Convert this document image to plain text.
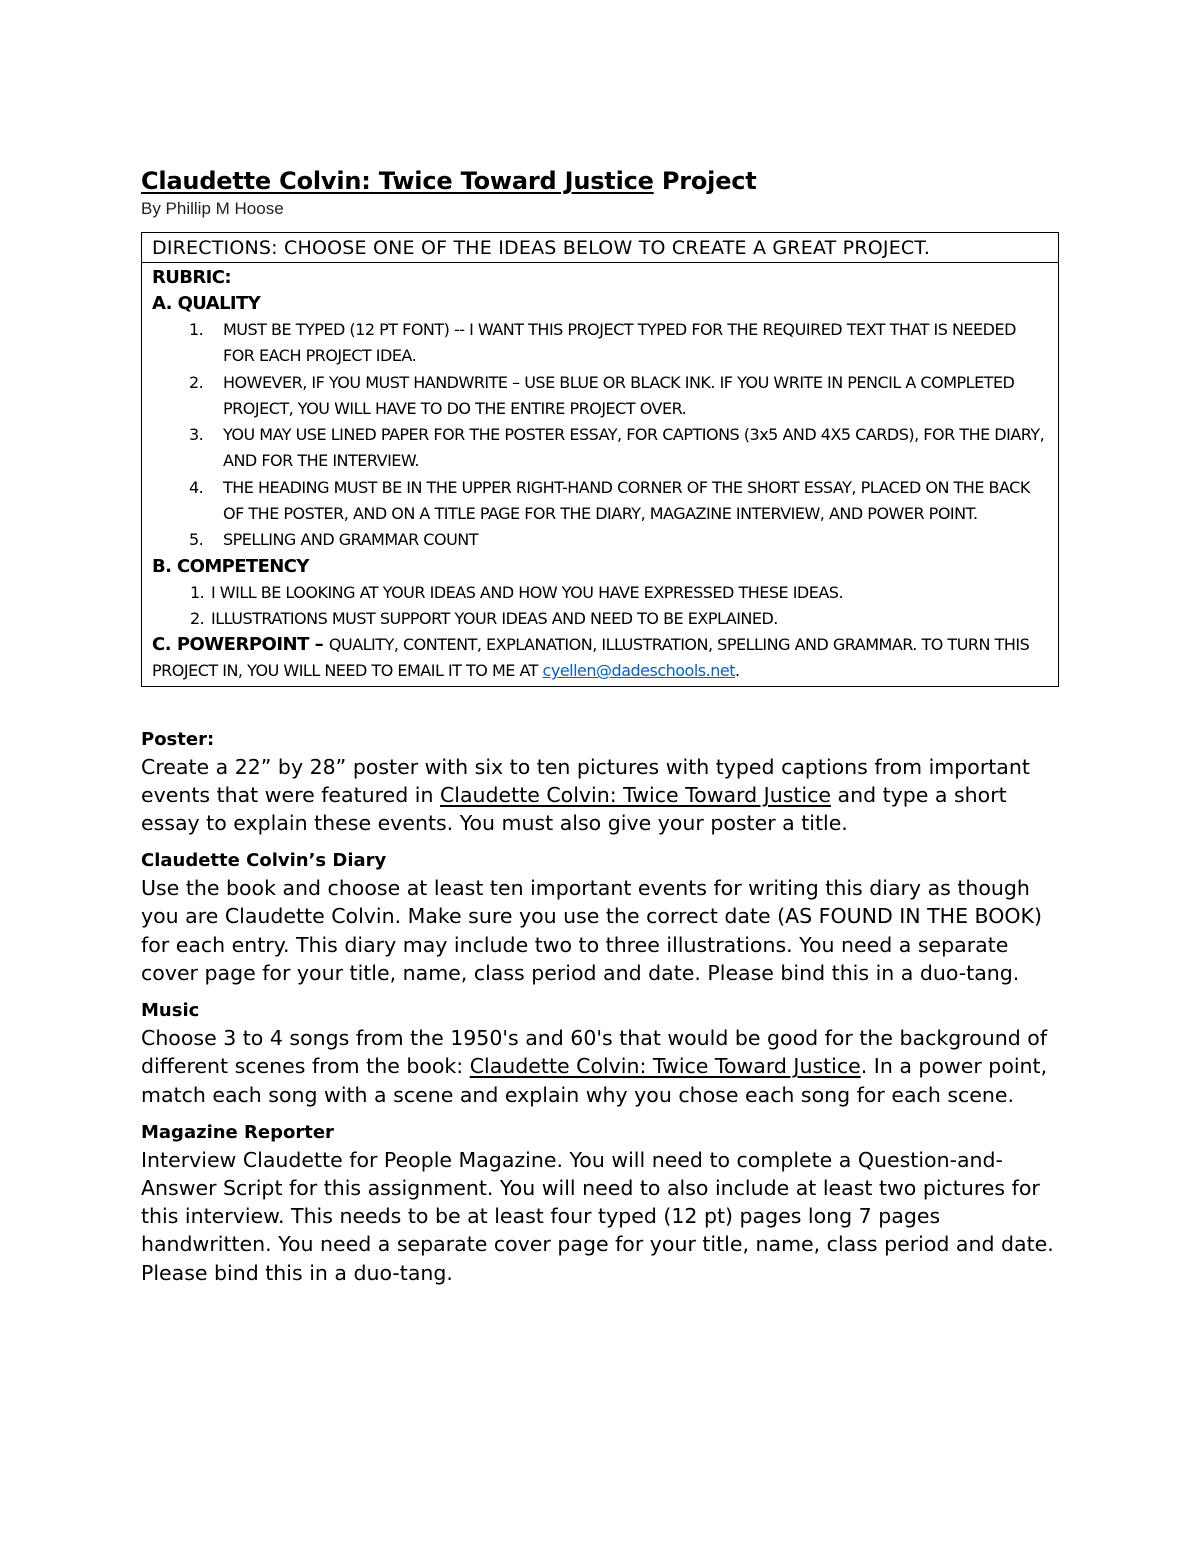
Claudette Colvin: Twice Toward Justice Project
By Phillip M Hoose
DIRECTIONS: CHOOSE ONE OF THE IDEAS BELOW TO CREATE A GREAT PROJECT.
RUBRIC:
A. QUALITY
1. MUST BE TYPED (12 PT FONT) -- I WANT THIS PROJECT TYPED FOR THE REQUIRED TEXT THAT IS NEEDED FOR EACH PROJECT IDEA.
2. HOWEVER, IF YOU MUST HANDWRITE – USE BLUE OR BLACK INK. IF YOU WRITE IN PENCIL A COMPLETED PROJECT, YOU WILL HAVE TO DO THE ENTIRE PROJECT OVER.
3. YOU MAY USE LINED PAPER FOR THE POSTER ESSAY, FOR CAPTIONS (3x5 AND 4X5 CARDS), FOR THE DIARY, AND FOR THE INTERVIEW.
4. THE HEADING MUST BE IN THE UPPER RIGHT-HAND CORNER OF THE SHORT ESSAY, PLACED ON THE BACK OF THE POSTER, AND ON A TITLE PAGE FOR THE DIARY, MAGAZINE INTERVIEW, AND POWER POINT.
5. SPELLING AND GRAMMAR COUNT
B. COMPETENCY
1. I WILL BE LOOKING AT YOUR IDEAS AND HOW YOU HAVE EXPRESSED THESE IDEAS.
2. ILLUSTRATIONS MUST SUPPORT YOUR IDEAS AND NEED TO BE EXPLAINED.
C. POWERPOINT – QUALITY, CONTENT, EXPLANATION, ILLUSTRATION, SPELLING AND GRAMMAR. TO TURN THIS PROJECT IN, YOU WILL NEED TO EMAIL IT TO ME AT cyellen@dadeschools.net.
Poster:

Create a 22” by 28” poster with six to ten pictures with typed captions from important events that were featured in Claudette Colvin: Twice Toward Justice and type a short essay to explain these events. You must also give your poster a title.

Claudette Colvin’s Diary

Use the book and choose at least ten important events for writing this diary as though you are Claudette Colvin. Make sure you use the correct date (AS FOUND IN THE BOOK) for each entry. This diary may include two to three illustrations. You need a separate cover page for your title, name, class period and date. Please bind this in a duo-tang.

Music

Choose 3 to 4 songs from the 1950's and 60's that would be good for the background of different scenes from the book: Claudette Colvin: Twice Toward Justice. In a power point, match each song with a scene and explain why you chose each song for each scene.

Magazine Reporter

Interview Claudette for People Magazine. You will need to complete a Question-and-Answer Script for this assignment. You will need to also include at least two pictures for this interview. This needs to be at least four typed (12 pt) pages long 7 pages handwritten. You need a separate cover page for your title, name, class period and date. Please bind this in a duo-tang.
